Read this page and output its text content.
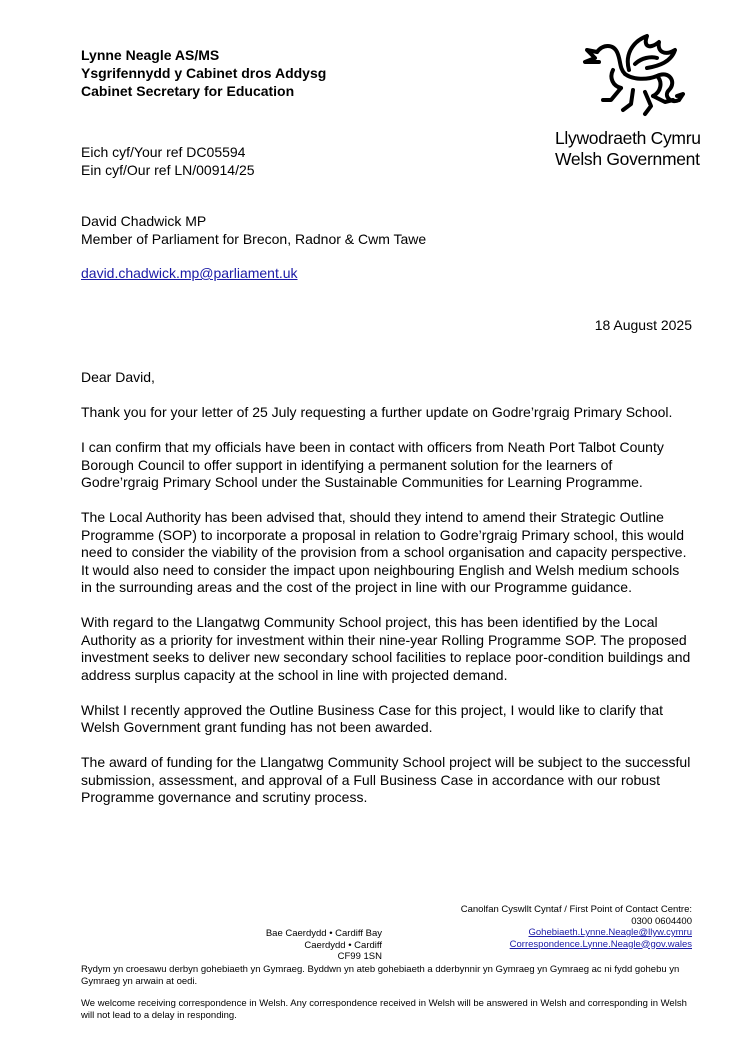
Lynne Neagle AS/MS
Ysgrifennydd y Cabinet dros Addysg
Cabinet Secretary for Education
Llywodraeth Cymru
Welsh Government
Eich cyf/Your ref DC05594
Ein cyf/Our ref LN/00914/25
David Chadwick MP
Member of Parliament for Brecon, Radnor & Cwm Tawe
david.chadwick.mp@parliament.uk
18 August 2025

Dear David,

Thank you for your letter of 25 July requesting a further update on Godre’rgraig Primary School.

I can confirm that my officials have been in contact with officers from Neath Port Talbot County Borough Council to offer support in identifying a permanent solution for the learners of Godre’rgraig Primary School under the Sustainable Communities for Learning Programme.

The Local Authority has been advised that, should they intend to amend their Strategic Outline Programme (SOP) to incorporate a proposal in relation to Godre’rgraig Primary school, this would need to consider the viability of the provision from a school organisation and capacity perspective. It would also need to consider the impact upon neighbouring English and Welsh medium schools in the surrounding areas and the cost of the project in line with our Programme guidance.

With regard to the Llangatwg Community School project, this has been identified by the Local Authority as a priority for investment within their nine-year Rolling Programme SOP. The proposed investment seeks to deliver new secondary school facilities to replace poor-condition buildings and address surplus capacity at the school in line with projected demand.

Whilst I recently approved the Outline Business Case for this project, I would like to clarify that Welsh Government grant funding has not been awarded.

The award of funding for the Llangatwg Community School project will be subject to the successful submission, assessment, and approval of a Full Business Case in accordance with our robust Programme governance and scrutiny process.

Canolfan Cyswllt Cyntaf / First Point of Contact Centre:
0300 0604400
Gohebiaeth.Lynne.Neagle@llyw.cymru
Correspondence.Lynne.Neagle@gov.wales
Bae Caerdydd • Cardiff Bay
Caerdydd • Cardiff
CF99 1SN
Rydym yn croesawu derbyn gohebiaeth yn Gymraeg. Byddwn yn ateb gohebiaeth a dderbynnir yn Gymraeg yn Gymraeg ac ni fydd gohebu yn Gymraeg yn arwain at oedi.
We welcome receiving correspondence in Welsh. Any correspondence received in Welsh will be answered in Welsh and corresponding in Welsh will not lead to a delay in responding.
